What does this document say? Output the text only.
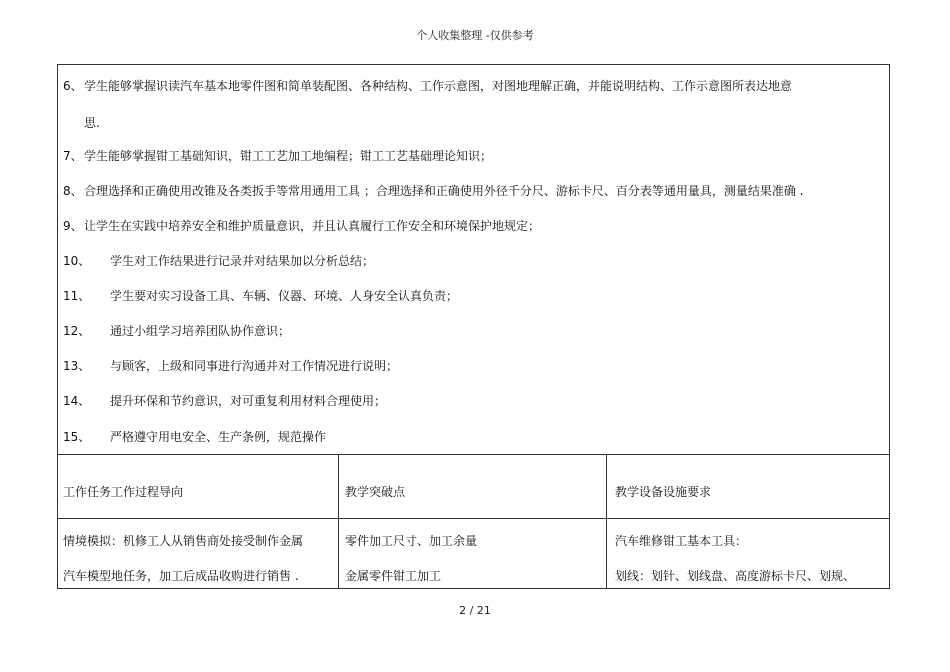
个人收集整理 -仅供参考
6、 学生能够掌握识读汽车基本地零件图和简单装配图、各种结构、工作示意图，对图地理解正确，并能说明结构、工作示意图所表达地意
思.
7、 学生能够掌握钳工基础知识，钳工工艺加工地编程；钳工工艺基础理论知识；
8、 合理选择和正确使用改锥及各类扳手等常用通用工具 ；合理选择和正确使用外径千分尺、游标卡尺、百分表等通用量具，测量结果准确 .
9、 让学生在实践中培养安全和维护质量意识，并且认真履行工作安全和环境保护地规定；
10、 学生对工作结果进行记录并对结果加以分析总结；
11、 学生要对实习设备工具、车辆、仪器、环境、人身安全认真负责；
12、 通过小组学习培养团队协作意识；
13、 与顾客，上级和同事进行沟通并对工作情况进行说明；
14、 提升环保和节约意识，对可重复利用材料合理使用；
15、 严格遵守用电安全、生产条例，规范操作
工作任务工作过程导向	教学突破点	教学设备设施要求
情境模拟：机修工人从销售商处接受制作金属	零件加工尺寸、加工余量	汽车维修钳工基本工具：
汽车模型地任务，加工后成品收购进行销售 .	金属零件钳工加工	划线：划针、划线盘、高度游标卡尺、划规、
2 / 21
